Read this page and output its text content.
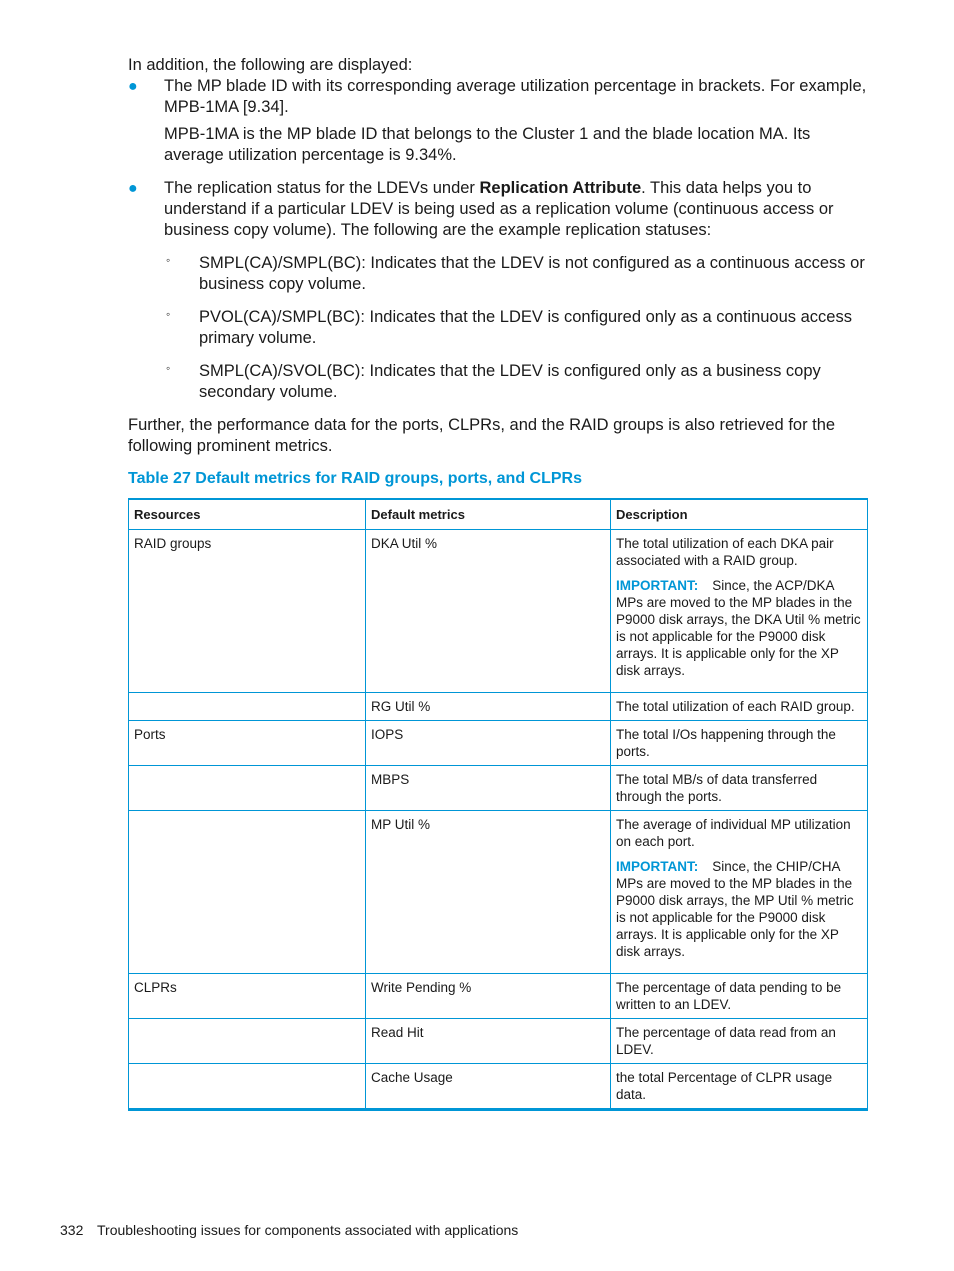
In addition, the following are displayed:

● The MP blade ID with its corresponding average utilization percentage in brackets. For example, MPB-1MA [9.34].
MPB-1MA is the MP blade ID that belongs to the Cluster 1 and the blade location MA. Its average utilization percentage is 9.34%.
● The replication status for the LDEVs under Replication Attribute. This data helps you to understand if a particular LDEV is being used as a replication volume (continuous access or business copy volume). The following are the example replication statuses:
◦ SMPL(CA)/SMPL(BC): Indicates that the LDEV is not configured as a continuous access or business copy volume.
◦ PVOL(CA)/SMPL(BC): Indicates that the LDEV is configured only as a continuous access primary volume.
◦ SMPL(CA)/SVOL(BC): Indicates that the LDEV is configured only as a business copy secondary volume.

Further, the performance data for the ports, CLPRs, and the RAID groups is also retrieved for the following prominent metrics.

Table 27 Default metrics for RAID groups, ports, and CLPRs
Resources	Default metrics	Description
RAID groups	DKA Util %	The total utilization of each DKA pair associated with a RAID group.
IMPORTANT: Since, the ACP/DKA MPs are moved to the MP blades in the P9000 disk arrays, the DKA Util % metric is not applicable for the P9000 disk arrays. It is applicable only for the XP disk arrays.

	RG Util %	The total utilization of each RAID group.
Ports	IOPS	The total I/Os happening through the ports.
	MBPS	The total MB/s of data transferred through the ports.
	MP Util %	The average of individual MP utilization on each port.
IMPORTANT: Since, the CHIP/CHA MPs are moved to the MP blades in the P9000 disk arrays, the MP Util % metric is not applicable for the P9000 disk arrays. It is applicable only for the XP disk arrays.

CLPRs	Write Pending %	The percentage of data pending to be written to an LDEV.
	Read Hit	The percentage of data read from an LDEV.
	Cache Usage	the total Percentage of CLPR usage data.
332 Troubleshooting issues for components associated with applications
